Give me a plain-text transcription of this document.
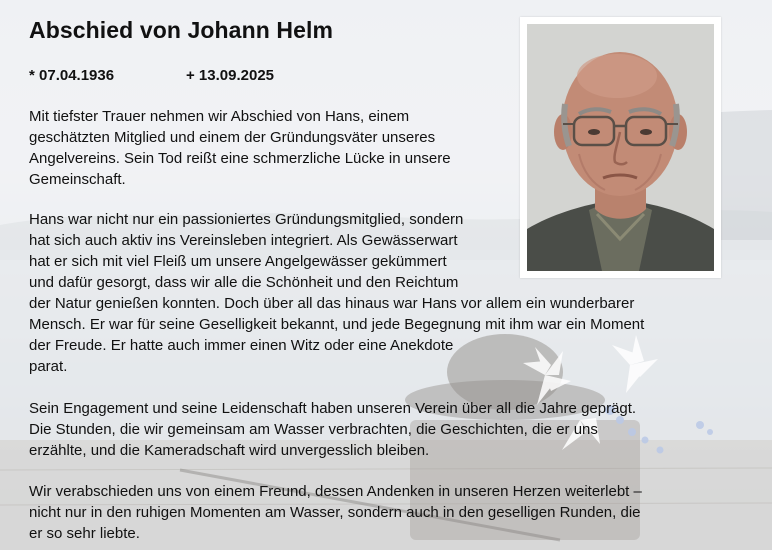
Abschied von Johann Helm
* 07.04.1936	+ 13.09.2025

Mit tiefster Trauer nehmen wir Abschied von Hans, einem
geschätzten Mitglied und einem der Gründungsväter unseres
Angelvereins. Sein Tod reißt eine schmerzliche Lücke in unsere
Gemeinschaft.

Hans war nicht nur ein passioniertes Gründungsmitglied, sondern
hat sich auch aktiv ins Vereinsleben integriert. Als Gewässerwart
hat er sich mit viel Fleiß um unsere Angelgewässer gekümmert
und dafür gesorgt, dass wir alle die Schönheit und den Reichtum
der Natur genießen konnten. Doch über all das hinaus war Hans vor allem ein wunderbarer
Mensch. Er war für seine Geselligkeit bekannt, und jede Begegnung mit ihm war ein Moment
der Freude. Er hatte auch immer einen Witz oder eine Anekdote
parat.

Sein Engagement und seine Leidenschaft haben unseren Verein über all die Jahre geprägt.
Die Stunden, die wir gemeinsam am Wasser verbrachten, die Geschichten, die er uns
erzählte, und die Kameradschaft wird unvergesslich bleiben.

Wir verabschieden uns von einem Freund, dessen Andenken in unseren Herzen weiterlebt –
nicht nur in den ruhigen Momenten am Wasser, sondern auch in den geselligen Runden, die
er so sehr liebte.
